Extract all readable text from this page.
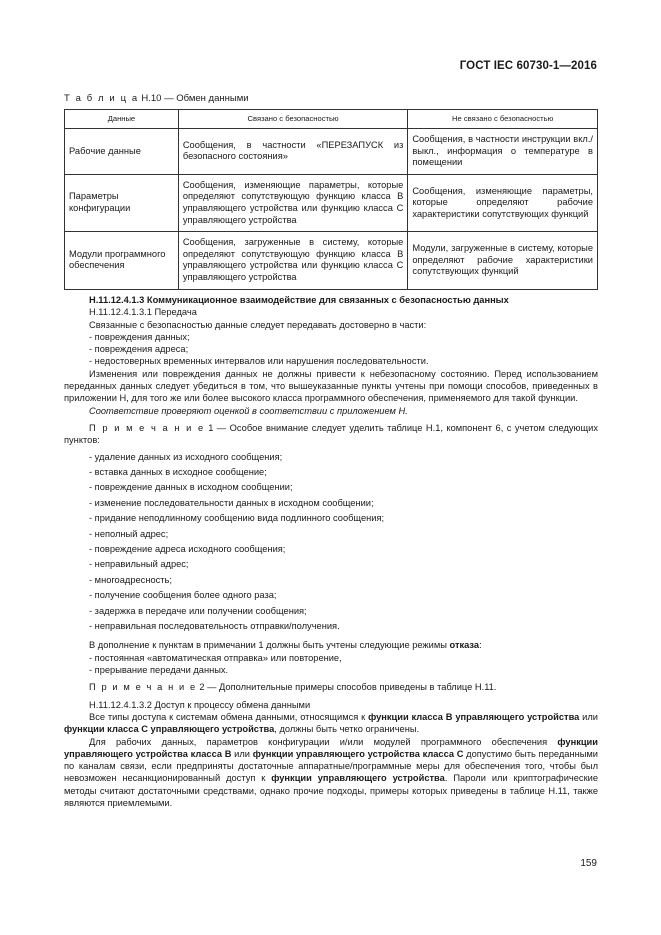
ГОСТ IEC 60730-1—2016
Т а б л и ц а Н.10 — Обмен данными
Данные	Связано с безопасностью	Не связано с безопасностью
Рабочие данные	Сообщения, в частности «ПЕРЕЗАПУСК из безопасного состояния»	Сообщения, в частности инструкции вкл./выкл., информация о температуре в помещении
Параметры конфигурации	Сообщения, изменяющие параметры, которые определяют сопутствующую функцию класса В управляющего устройства или функцию класса С управляющего устройства	Сообщения, изменяющие параметры, которые определяют рабочие характеристики сопутствующих функций
Модули программного обеспечения	Сообщения, загруженные в систему, которые определяют сопутствующую функцию класса В управляющего устройства или функцию класса С управляющего устройства	Модули, загруженные в систему, которые определяют рабочие характеристики сопутствующих функций

H.11.12.4.1.3 Коммуникационное взаимодействие для связанных с безопасностью данных

H.11.12.4.1.3.1 Передача

Связанные с безопасностью данные следует передавать достоверно в части:

- повреждения данных;

- повреждения адреса;

- недостоверных временных интервалов или нарушения последовательности.

Изменения или повреждения данных не должны привести к небезопасному состоянию. Перед использованием переданных данных следует убедиться в том, что вышеуказанные пункты учтены при помощи способов, приведенных в приложении Н, для того же или более высокого класса программного обеспечения, применяемого для такой функции.

Соответствие проверяют оценкой в соответствии с приложением Н.

П р и м е ч а н и е 1 — Особое внимание следует уделить таблице Н.1, компонент 6, с учетом следующих пунктов:

- удаление данных из исходного сообщения;

- вставка данных в исходное сообщение;

- повреждение данных в исходном сообщении;

- изменение последовательности данных в исходном сообщении;

- придание неподлинному сообщению вида подлинного сообщения;

- неполный адрес;

- повреждение адреса исходного сообщения;

- неправильный адрес;

- многоадресность;

- получение сообщения более одного раза;

- задержка в передаче или получении сообщения;

- неправильная последовательность отправки/получения.

В дополнение к пунктам в примечании 1 должны быть учтены следующие режимы отказа:

- постоянная «автоматическая отправка» или повторение,

- прерывание передачи данных.

П р и м е ч а н и е 2 — Дополнительные примеры способов приведены в таблице Н.11.

H.11.12.4.1.3.2 Доступ к процессу обмена данными

Все типы доступа к системам обмена данными, относящимся к функции класса В управляющего устройства или функции класса С управляющего устройства, должны быть четко ограничены.

Для рабочих данных, параметров конфигурации и/или модулей программного обеспечения функции управляющего устройства класса В или функции управляющего устройства класса С допустимо быть переданными по каналам связи, если предприняты достаточные аппаратные/программные меры для обеспечения того, чтобы был невозможен несанкционированный доступ к функции управляющего устройства. Пароли или криптографические методы считают достаточными средствами, однако прочие подходы, примеры которых приведены в таблице Н.11, также являются приемлемыми.

159
